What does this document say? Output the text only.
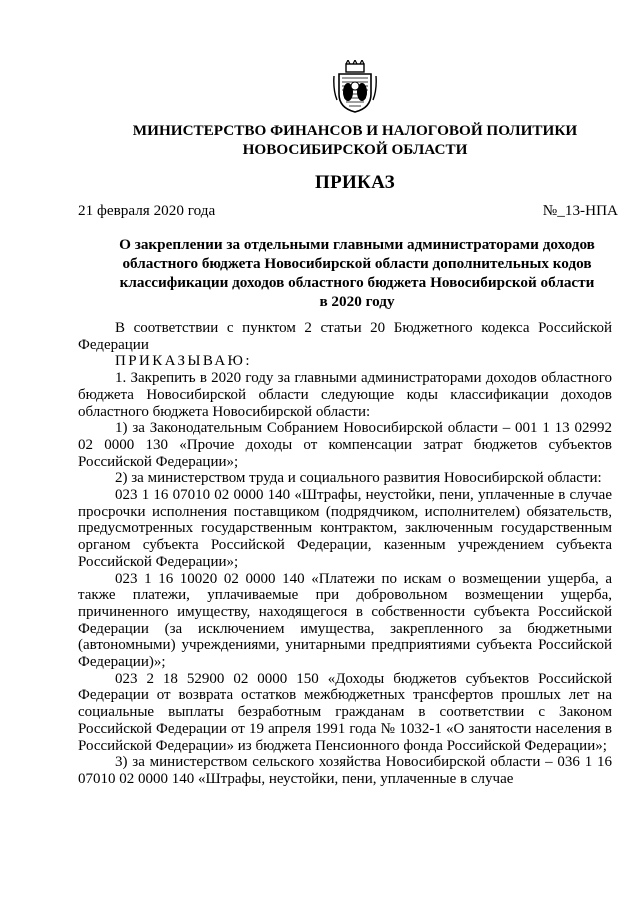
МИНИСТЕРСТВО ФИНАНСОВ И НАЛОГОВОЙ ПОЛИТИКИ
НОВОСИБИРСКОЙ ОБЛАСТИ
ПРИКАЗ
21 февраля 2020 года	№_13-НПА
О закреплении за отдельными главными администраторами доходов
областного бюджета Новосибирской области дополнительных кодов
классификации доходов областного бюджета Новосибирской области
в 2020 году

В соответствии с пунктом 2 статьи 20 Бюджетного кодекса Российской Федерации

ПРИКАЗЫВАЮ:

1. Закрепить в 2020 году за главными администраторами доходов областного бюджета Новосибирской области следующие коды классификации доходов областного бюджета Новосибирской области:

1) за Законодательным Собранием Новосибирской области – 001 1 13 02992 02 0000 130 «Прочие доходы от компенсации затрат бюджетов субъектов Российской Федерации»;

2) за министерством труда и социального развития Новосибирской области:

023 1 16 07010 02 0000 140 «Штрафы, неустойки, пени, уплаченные в случае просрочки исполнения поставщиком (подрядчиком, исполнителем) обязательств, предусмотренных государственным контрактом, заключенным государственным органом субъекта Российской Федерации, казенным учреждением субъекта Российской Федерации»;

023 1 16 10020 02 0000 140 «Платежи по искам о возмещении ущерба, а также платежи, уплачиваемые при добровольном возмещении ущерба, причиненного имуществу, находящегося в собственности субъекта Российской Федерации (за исключением имущества, закрепленного за бюджетными (автономными) учреждениями, унитарными предприятиями субъекта Российской Федерации)»;

023 2 18 52900 02 0000 150 «Доходы бюджетов субъектов Российской Федерации от возврата остатков межбюджетных трансфертов прошлых лет на социальные выплаты безработным гражданам в соответствии с Законом Российской Федерации от 19 апреля 1991 года № 1032-1 «О занятости населения в Российской Федерации» из бюджета Пенсионного фонда Российской Федерации»;

3) за министерством сельского хозяйства Новосибирской области – 036 1 16 07010 02 0000 140 «Штрафы, неустойки, пени, уплаченные в случае
